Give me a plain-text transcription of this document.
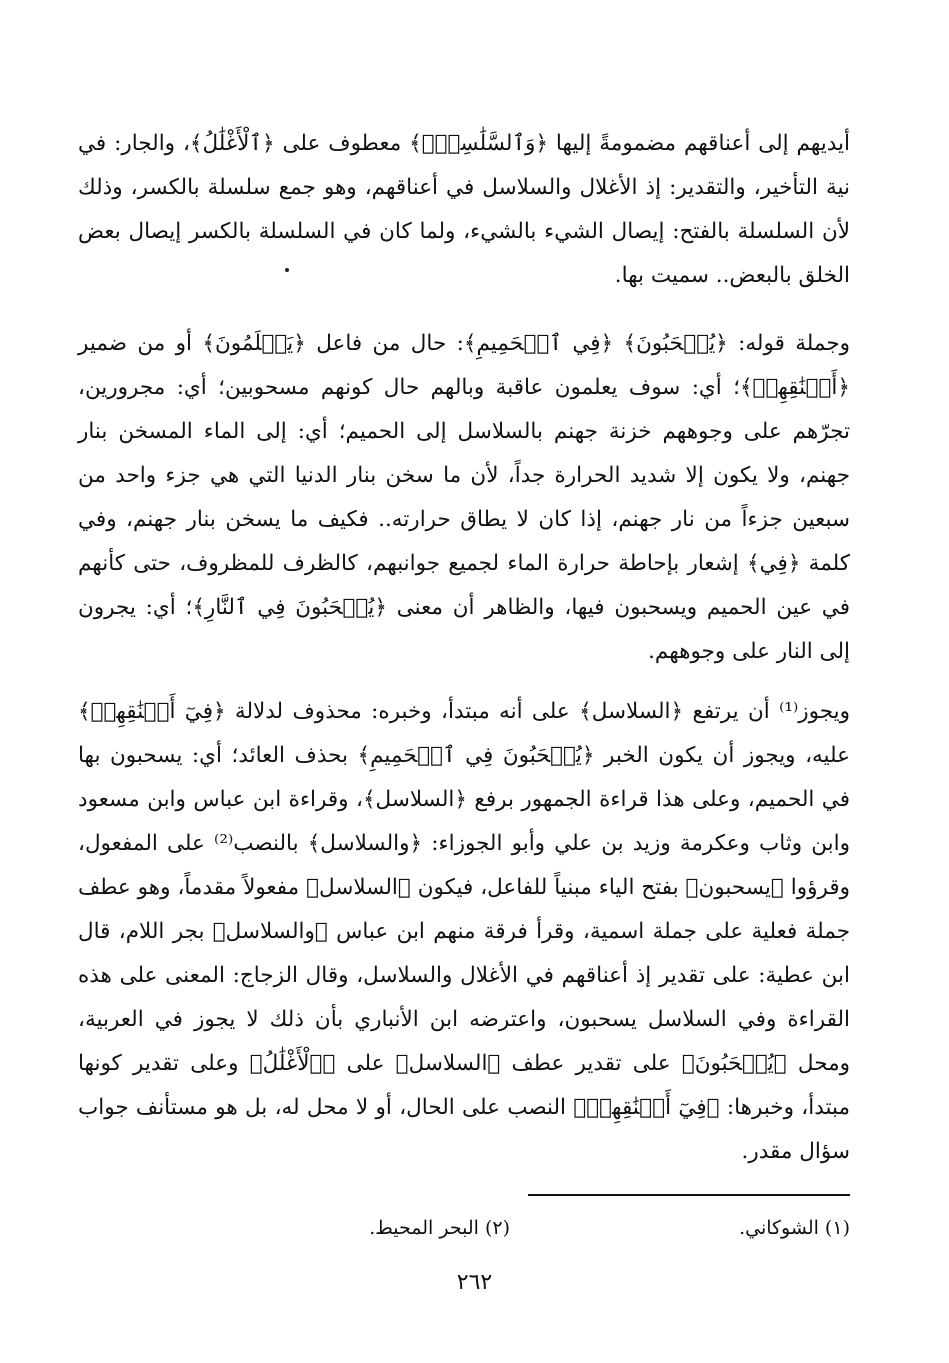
أيديهم إلى أعناقهم مضمومةً إليها ﴿وَٱلسَّلَٰسِلُۚ﴾ معطوف على ﴿ٱلْأَغْلَٰلُ﴾، والجار: في نية التأخير، والتقدير: إذ الأغلال والسلاسل في أعناقهم، وهو جمع سلسلة بالكسر، وذلك لأن السلسلة بالفتح: إيصال الشيء بالشيء، ولما كان في السلسلة بالكسر إيصال بعض الخلق بالبعض.. سميت بها.

وجملة قوله: ﴿يُسۡحَبُونَ﴾ ﴿فِي ٱلۡحَمِيمِ﴾: حال من فاعل ﴿يَعۡلَمُونَ﴾ أو من ضمير ﴿أَعۡنَٰقِهِمۡ﴾؛ أي: سوف يعلمون عاقبة وبالهم حال كونهم مسحوبين؛ أي: مجرورين، تجرّهم على وجوههم خزنة جهنم بالسلاسل إلى الحميم؛ أي: إلى الماء المسخن بنار جهنم، ولا يكون إلا شديد الحرارة جداً، لأن ما سخن بنار الدنيا التي هي جزء واحد من سبعين جزءاً من نار جهنم، إذا كان لا يطاق حرارته.. فكيف ما يسخن بنار جهنم، وفي كلمة ﴿فِي﴾ إشعار بإحاطة حرارة الماء لجميع جوانبهم، كالظرف للمظروف، حتى كأنهم في عين الحميم ويسحبون فيها، والظاهر أن معنى ﴿يُسۡحَبُونَ فِي ٱلنَّارِ﴾؛ أي: يجرون إلى النار على وجوههم.

ويجوز⁽¹⁾ أن يرتفع ﴿السلاسل﴾ على أنه مبتدأ، وخبره: محذوف لدلالة ﴿فِيٓ أَعۡنَٰقِهِمۡ﴾ عليه، ويجوز أن يكون الخبر ﴿يُسۡحَبُونَ فِي ٱلۡحَمِيمِ﴾ بحذف العائد؛ أي: يسحبون بها في الحميم، وعلى هذا قراءة الجمهور برفع ﴿السلاسل﴾، وقراءة ابن عباس وابن مسعود وابن وثاب وعكرمة وزيد بن علي وأبو الجوزاء: ﴿والسلاسل﴾ بالنصب⁽²⁾ على المفعول، وقرؤوا ﴿يسحبون﴾ بفتح الياء مبنياً للفاعل، فيكون ﴿السلاسل﴾ مفعولاً مقدماً، وهو عطف جملة فعلية على جملة اسمية، وقرأ فرقة منهم ابن عباس ﴿والسلاسل﴾ بجر اللام، قال ابن عطية: على تقدير إذ أعناقهم في الأغلال والسلاسل، وقال الزجاج: المعنى على هذه القراءة وفي السلاسل يسحبون، واعترضه ابن الأنباري بأن ذلك لا يجوز في العربية، ومحل ﴿يُسۡحَبُونَ﴾ على تقدير عطف ﴿السلاسل﴾ على ﴿ٱلْأَغْلَٰلُ﴾ وعلى تقدير كونها مبتدأ، وخبرها: ﴿فِيٓ أَعۡنَٰقِهِمۡ﴾ النصب على الحال، أو لا محل له، بل هو مستأنف جواب سؤال مقدر.

(١) الشوكاني.
(٢) البحر المحيط.
٢٦٢
